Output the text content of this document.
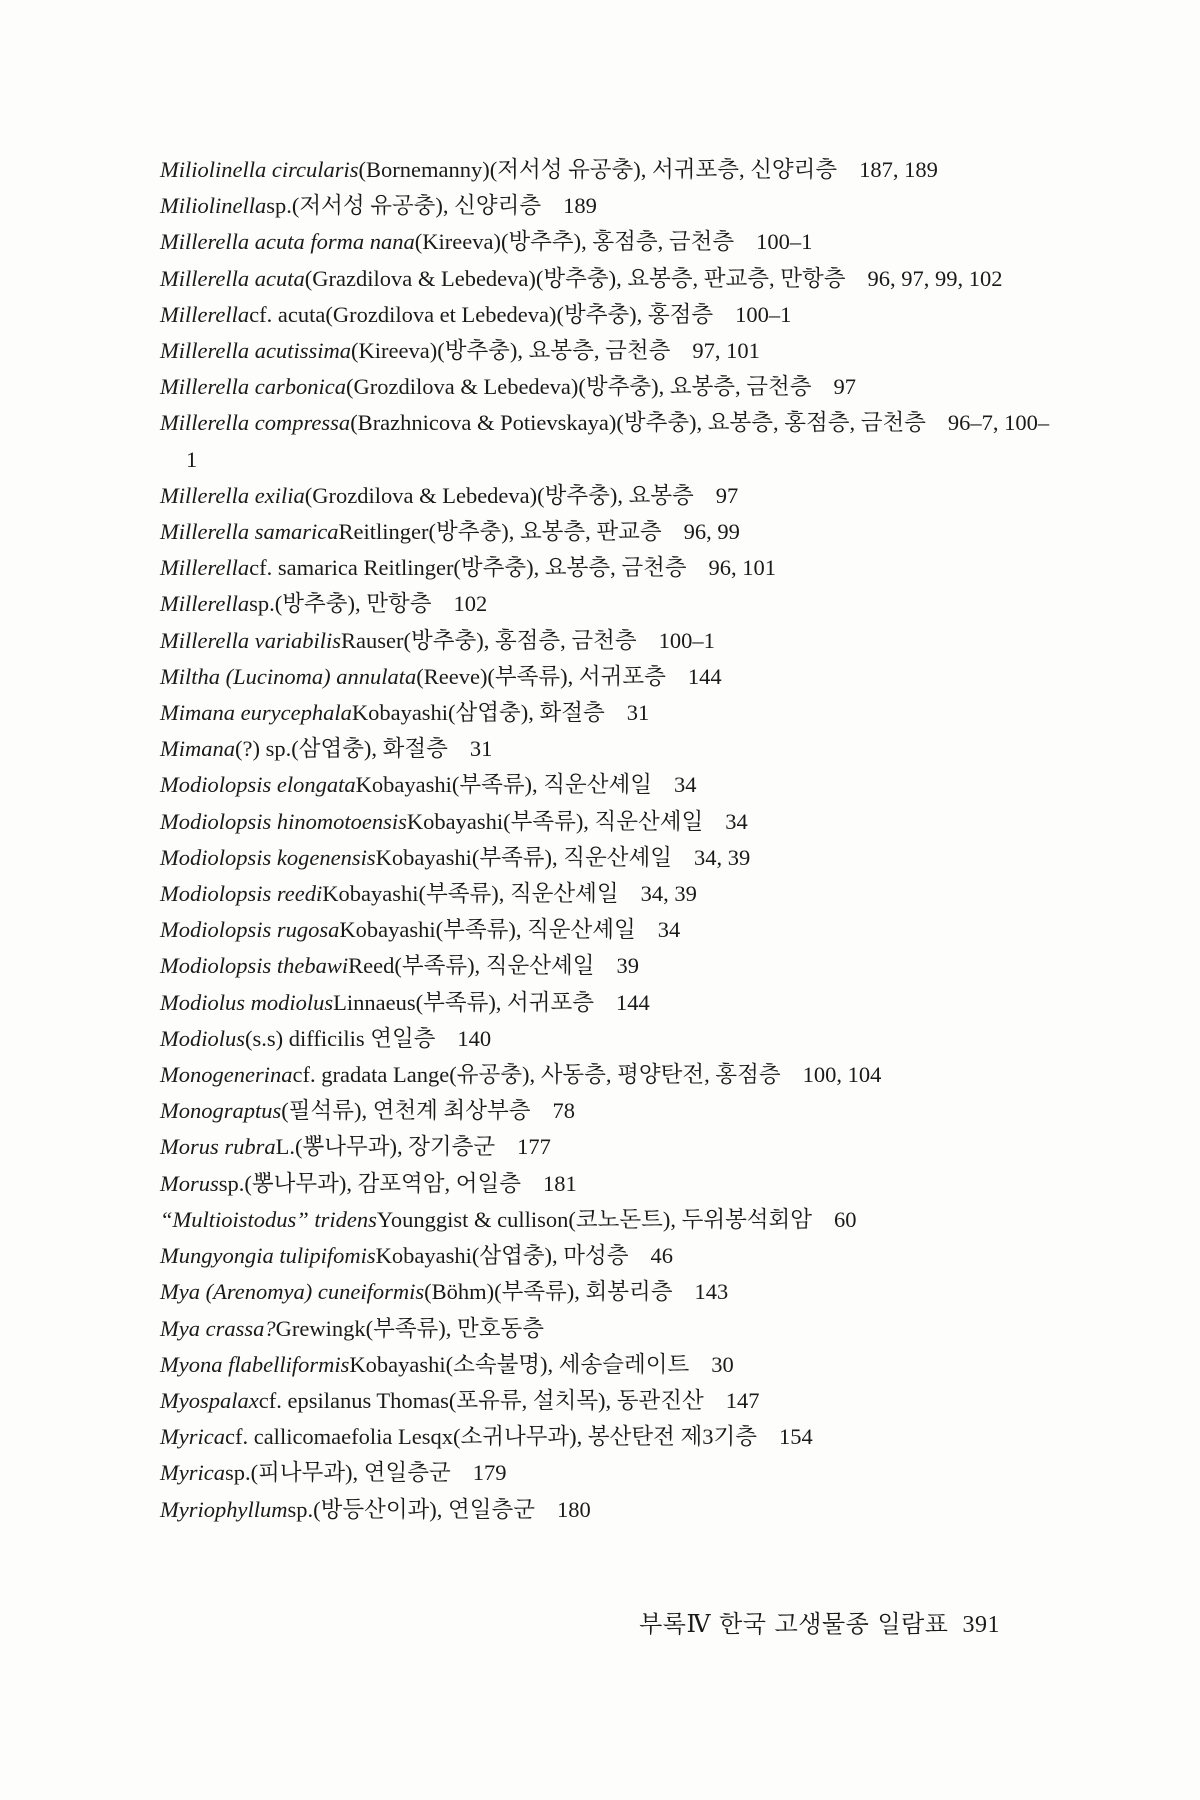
Miliolinella circularis(Bornemanny)(저서성 유공충), 서귀포층, 신양리층 187, 189
Miliolinellasp.(저서성 유공충), 신양리층 189
Millerella acuta forma nana(Kireeva)(방추추), 홍점층, 금천층 100–1
Millerella acuta(Grazdilova & Lebedeva)(방추충), 요봉층, 판교층, 만항층 96, 97, 99, 102
Millerellacf. acuta(Grozdilova et Lebedeva)(방추충), 홍점층 100–1
Millerella acutissima(Kireeva)(방추충), 요봉층, 금천층 97, 101
Millerella carbonica(Grozdilova & Lebedeva)(방추충), 요봉층, 금천층 97
Millerella compressa(Brazhnicova & Potievskaya)(방추충), 요봉층, 홍점층, 금천층 96–7, 100–1
Millerella exilia(Grozdilova & Lebedeva)(방추충), 요봉층 97
Millerella samaricaReitlinger(방추충), 요봉층, 판교층 96, 99
Millerellacf. samarica Reitlinger(방추충), 요봉층, 금천층 96, 101
Millerellasp.(방추충), 만항층 102
Millerella variabilisRauser(방추충), 홍점층, 금천층 100–1
Miltha (Lucinoma) annulata(Reeve)(부족류), 서귀포층 144
Mimana eurycephalaKobayashi(삼엽충), 화절층 31
Mimana(?) sp.(삼엽충), 화절층 31
Modiolopsis elongataKobayashi(부족류), 직운산셰일 34
Modiolopsis hinomotoensisKobayashi(부족류), 직운산셰일 34
Modiolopsis kogenensisKobayashi(부족류), 직운산셰일 34, 39
Modiolopsis reediKobayashi(부족류), 직운산셰일 34, 39
Modiolopsis rugosaKobayashi(부족류), 직운산셰일 34
Modiolopsis thebawiReed(부족류), 직운산셰일 39
Modiolus modiolusLinnaeus(부족류), 서귀포층 144
Modiolus(s.s) difficilis 연일층 140
Monogenerinacf. gradata Lange(유공충), 사동층, 평양탄전, 홍점층 100, 104
Monograptus(필석류), 연천계 최상부층 78
Morus rubraL.(뽕나무과), 장기층군 177
Morussp.(뽕나무과), 감포역암, 어일층 181
“Multioistodus” tridensYounggist & cullison(코노돈트), 두위봉석회암 60
Mungyongia tulipifomisKobayashi(삼엽충), 마성층 46
Mya (Arenomya) cuneiformis(Böhm)(부족류), 회봉리층 143
Mya crassa?Grewingk(부족류), 만호동층
Myona flabelliformisKobayashi(소속불명), 세송슬레이트 30
Myospalaxcf. epsilanus Thomas(포유류, 설치목), 동관진산 147
Myricacf. callicomaefolia Lesqx(소귀나무과), 봉산탄전 제3기층 154
Myricasp.(피나무과), 연일층군 179
Myriophyllumsp.(방등산이과), 연일층군 180
부록Ⅳ 한국 고생물종 일람표 391
